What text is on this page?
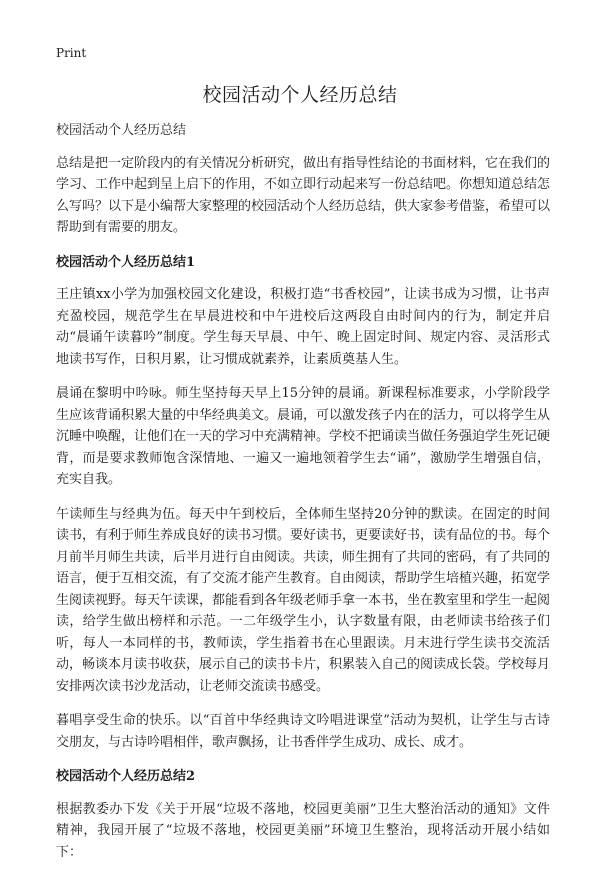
Print
校园活动个人经历总结

校园活动个人经历总结

总结是把一定阶段内的有关情况分析研究，做出有指导性结论的书面材料，它在我们的学习、工作中起到呈上启下的作用，不如立即行动起来写一份总结吧。你想知道总结怎么写吗？以下是小编帮大家整理的校园活动个人经历总结，供大家参考借鉴，希望可以帮助到有需要的朋友。

校园活动个人经历总结1

王庄镇xx小学为加强校园文化建设，积极打造“书香校园”，让读书成为习惯，让书声充盈校园，规范学生在早晨进校和中午进校后这两段自由时间内的行为，制定并启动“晨诵午读暮吟”制度。学生每天早晨、中午、晚上固定时间、规定内容、灵活形式地读书写作，日积月累，让习惯成就素养，让素质奠基人生。

晨诵在黎明中吟咏。师生坚持每天早上15分钟的晨诵。新课程标准要求，小学阶段学生应该背诵积累大量的中华经典美文。晨诵，可以激发孩子内在的活力，可以将学生从沉睡中唤醒，让他们在一天的学习中充满精神。学校不把诵读当做任务强迫学生死记硬背，而是要求教师饱含深情地、一遍又一遍地领着学生去“诵”，激励学生增强自信，充实自我。

午读师生与经典为伍。每天中午到校后，全体师生坚持20分钟的默读。在固定的时间读书，有利于师生养成良好的读书习惯。要好读书，更要读好书，读有品位的书。每个月前半月师生共读，后半月进行自由阅读。共读，师生拥有了共同的密码，有了共同的语言，便于互相交流，有了交流才能产生教育。自由阅读，帮助学生培植兴趣，拓宽学生阅读视野。每天午读课，都能看到各年级老师手拿一本书，坐在教室里和学生一起阅读，给学生做出榜样和示范。一二年级学生小，认字数量有限，由老师读书给孩子们听，每人一本同样的书，教师读，学生指着书在心里跟读。月末进行学生读书交流活动，畅谈本月读书收获，展示自己的读书卡片，积累装入自己的阅读成长袋。学校每月安排两次读书沙龙活动，让老师交流读书感受。

暮唱享受生命的快乐。以“百首中华经典诗文吟唱进课堂”活动为契机，让学生与古诗交朋友，与古诗吟唱相伴，歌声飘扬，让书香伴学生成功、成长、成才。

校园活动个人经历总结2

根据教委办下发《关于开展“垃圾不落地，校园更美丽”卫生大整治活动的通知》文件精神，我园开展了“垃圾不落地，校园更美丽”环境卫生整治，现将活动开展小结如下：
